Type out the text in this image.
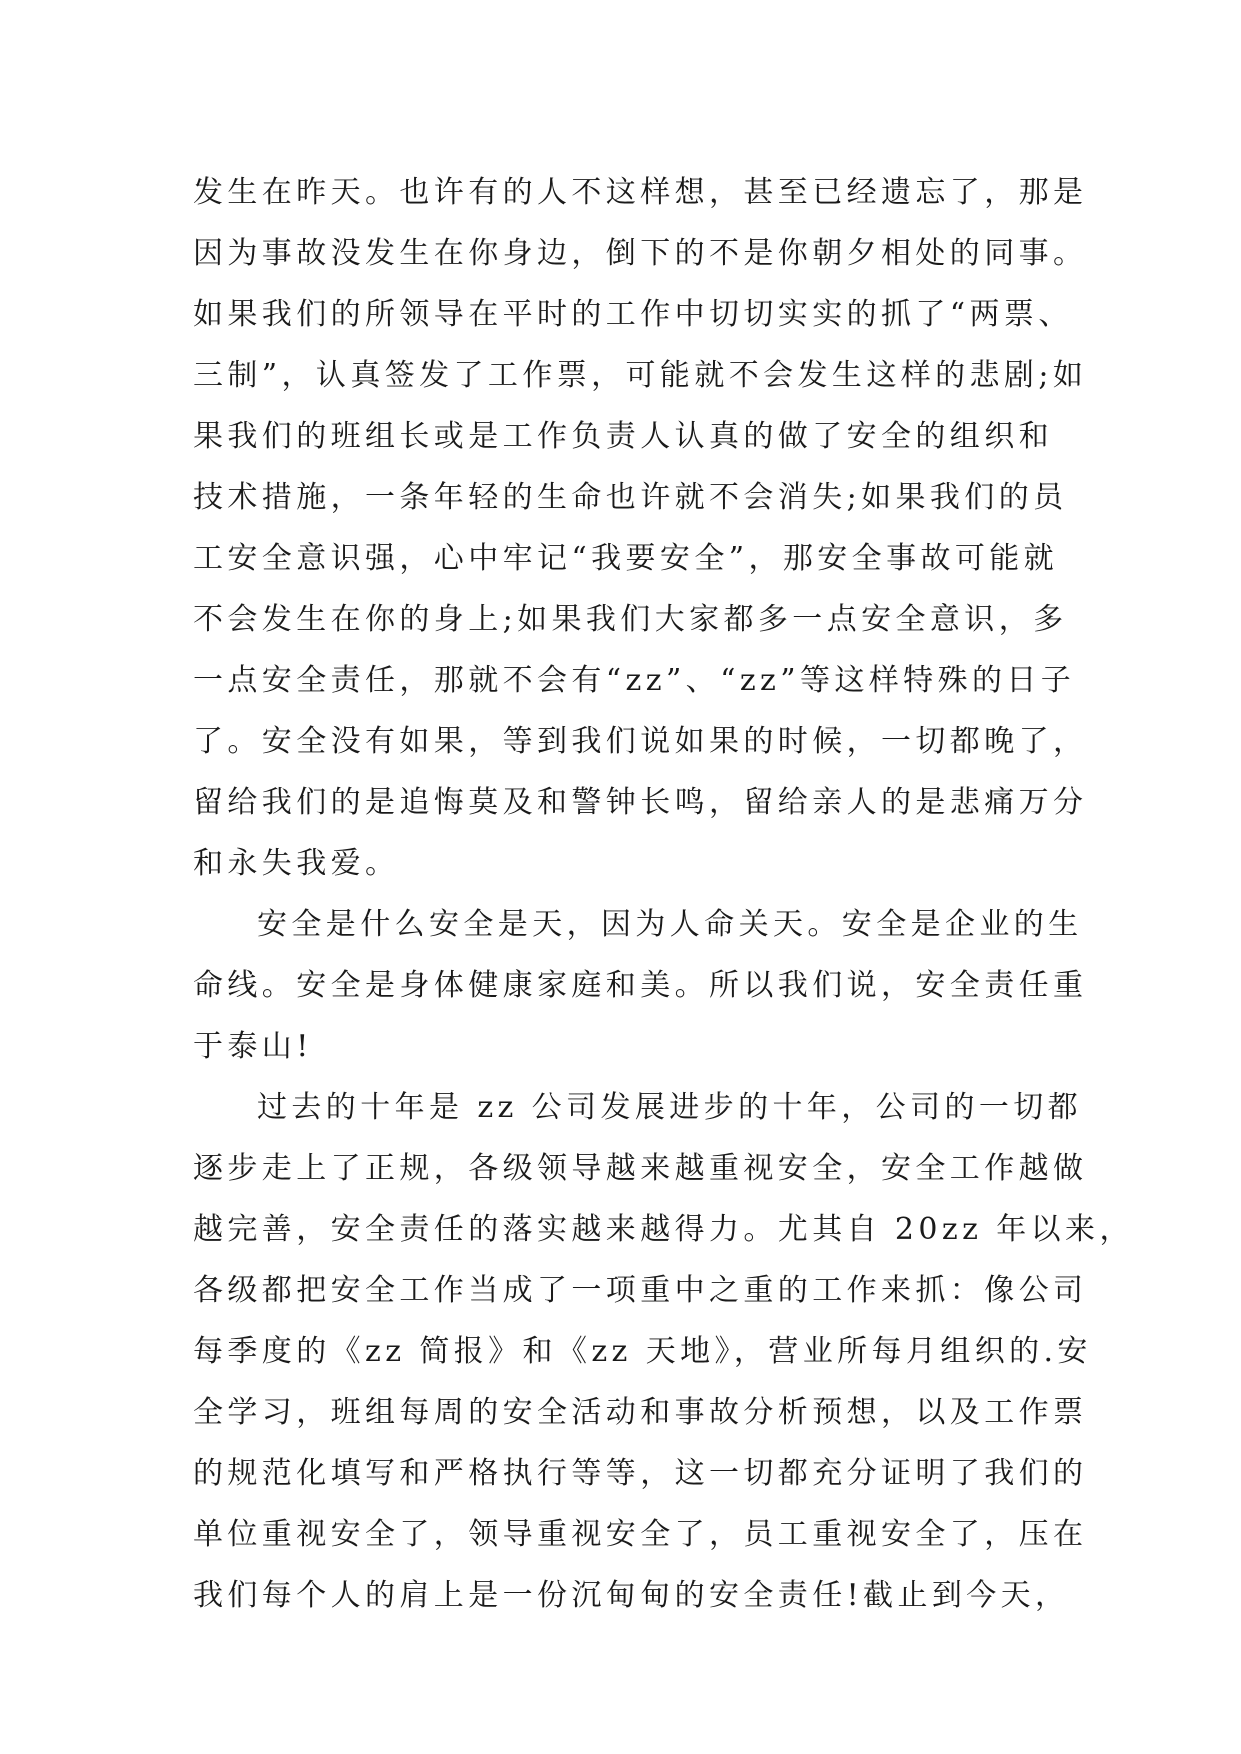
发生在昨天。也许有的人不这样想，甚至已经遗忘了，那是
因为事故没发生在你身边，倒下的不是你朝夕相处的同事。
如果我们的所领导在平时的工作中切切实实的抓了“两票、
三制”，认真签发了工作票，可能就不会发生这样的悲剧;如
果我们的班组长或是工作负责人认真的做了安全的组织和
技术措施，一条年轻的生命也许就不会消失;如果我们的员
工安全意识强，心中牢记“我要安全”，那安全事故可能就
不会发生在你的身上;如果我们大家都多一点安全意识，多
一点安全责任，那就不会有“zz”、“zz”等这样特殊的日子
了。安全没有如果，等到我们说如果的时候，一切都晚了，
留给我们的是追悔莫及和警钟长鸣，留给亲人的是悲痛万分
和永失我爱。
安全是什么安全是天，因为人命关天。安全是企业的生
命线。安全是身体健康家庭和美。所以我们说，安全责任重
于泰山!
过去的十年是 zz 公司发展进步的十年，公司的一切都
逐步走上了正规，各级领导越来越重视安全，安全工作越做
越完善，安全责任的落实越来越得力。尤其自 20zz 年以来，
各级都把安全工作当成了一项重中之重的工作来抓：像公司
每季度的《zz 简报》和《zz 天地》，营业所每月组织的.安
全学习，班组每周的安全活动和事故分析预想，以及工作票
的规范化填写和严格执行等等，这一切都充分证明了我们的
单位重视安全了，领导重视安全了，员工重视安全了，压在
我们每个人的肩上是一份沉甸甸的安全责任!截止到今天，
